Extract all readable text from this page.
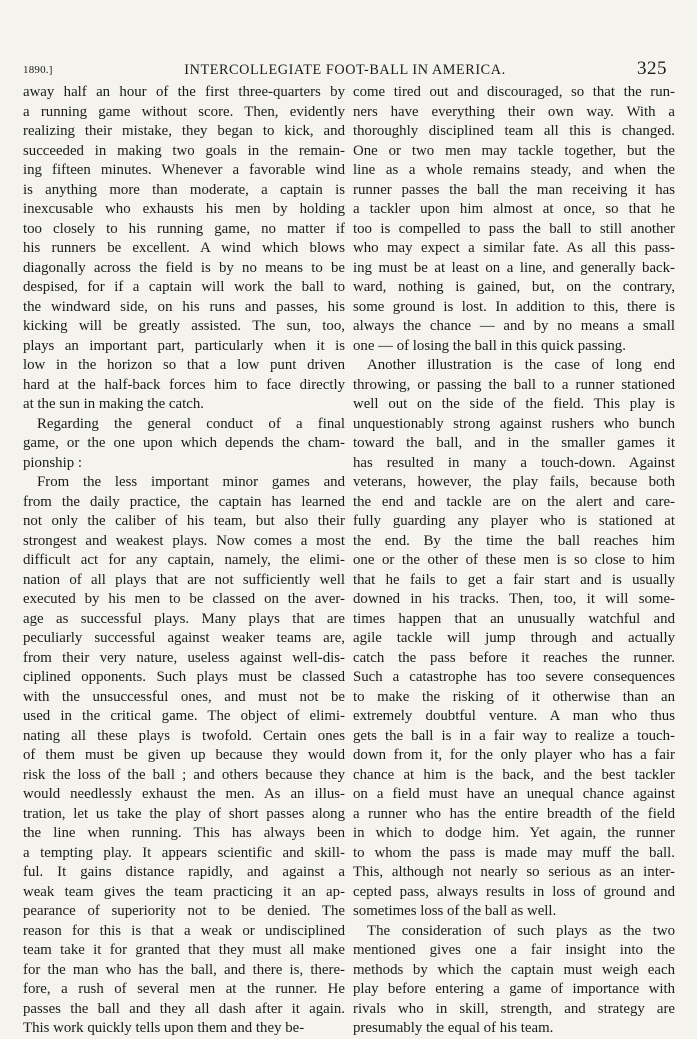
1890.]	INTERCOLLEGIATE FOOT-BALL IN AMERICA.	325
away half an hour of the first three-quarters by
a running game without score. Then, evidently
realizing their mistake, they began to kick, and
succeeded in making two goals in the remain-
ing fifteen minutes. Whenever a favorable wind
is anything more than moderate, a captain is
inexcusable who exhausts his men by holding
too closely to his running game, no matter if
his runners be excellent. A wind which blows
diagonally across the field is by no means to be
despised, for if a captain will work the ball to
the windward side, on his runs and passes, his
kicking will be greatly assisted. The sun, too,
plays an important part, particularly when it is
low in the horizon so that a low punt driven
hard at the half-back forces him to face directly
at the sun in making the catch.
Regarding the general conduct of a final
game, or the one upon which depends the cham-
pionship :
From the less important minor games and
from the daily practice, the captain has learned
not only the caliber of his team, but also their
strongest and weakest plays. Now comes a most
difficult act for any captain, namely, the elimi-
nation of all plays that are not sufficiently well
executed by his men to be classed on the aver-
age as successful plays. Many plays that are
peculiarly successful against weaker teams are,
from their very nature, useless against well-dis-
ciplined opponents. Such plays must be classed
with the unsuccessful ones, and must not be
used in the critical game. The object of elimi-
nating all these plays is twofold. Certain ones
of them must be given up because they would
risk the loss of the ball ; and others because they
would needlessly exhaust the men. As an illus-
tration, let us take the play of short passes along
the line when running. This has always been
a tempting play. It appears scientific and skill-
ful. It gains distance rapidly, and against a
weak team gives the team practicing it an ap-
pearance of superiority not to be denied. The
reason for this is that a weak or undisciplined
team take it for granted that they must all make
for the man who has the ball, and there is, there-
fore, a rush of several men at the runner. He
passes the ball and they all dash after it again.
This work quickly tells upon them and they be-
come tired out and discouraged, so that the run-
ners have everything their own way. With a
thoroughly disciplined team all this is changed.
One or two men may tackle together, but the
line as a whole remains steady, and when the
runner passes the ball the man receiving it has
a tackler upon him almost at once, so that he
too is compelled to pass the ball to still another
who may expect a similar fate. As all this pass-
ing must be at least on a line, and generally back-
ward, nothing is gained, but, on the contrary,
some ground is lost. In addition to this, there is
always the chance — and by no means a small
one — of losing the ball in this quick passing.
Another illustration is the case of long end
throwing, or passing the ball to a runner stationed
well out on the side of the field. This play is
unquestionably strong against rushers who bunch
toward the ball, and in the smaller games it
has resulted in many a touch-down. Against
veterans, however, the play fails, because both
the end and tackle are on the alert and care-
fully guarding any player who is stationed at
the end. By the time the ball reaches him
one or the other of these men is so close to him
that he fails to get a fair start and is usually
downed in his tracks. Then, too, it will some-
times happen that an unusually watchful and
agile tackle will jump through and actually
catch the pass before it reaches the runner.
Such a catastrophe has too severe consequences
to make the risking of it otherwise than an
extremely doubtful venture. A man who thus
gets the ball is in a fair way to realize a touch-
down from it, for the only player who has a fair
chance at him is the back, and the best tackler
on a field must have an unequal chance against
a runner who has the entire breadth of the field
in which to dodge him. Yet again, the runner
to whom the pass is made may muff the ball.
This, although not nearly so serious as an inter-
cepted pass, always results in loss of ground and
sometimes loss of the ball as well.
The consideration of such plays as the two
mentioned gives one a fair insight into the
methods by which the captain must weigh each
play before entering a game of importance with
rivals who in skill, strength, and strategy are
presumably the equal of his team.
